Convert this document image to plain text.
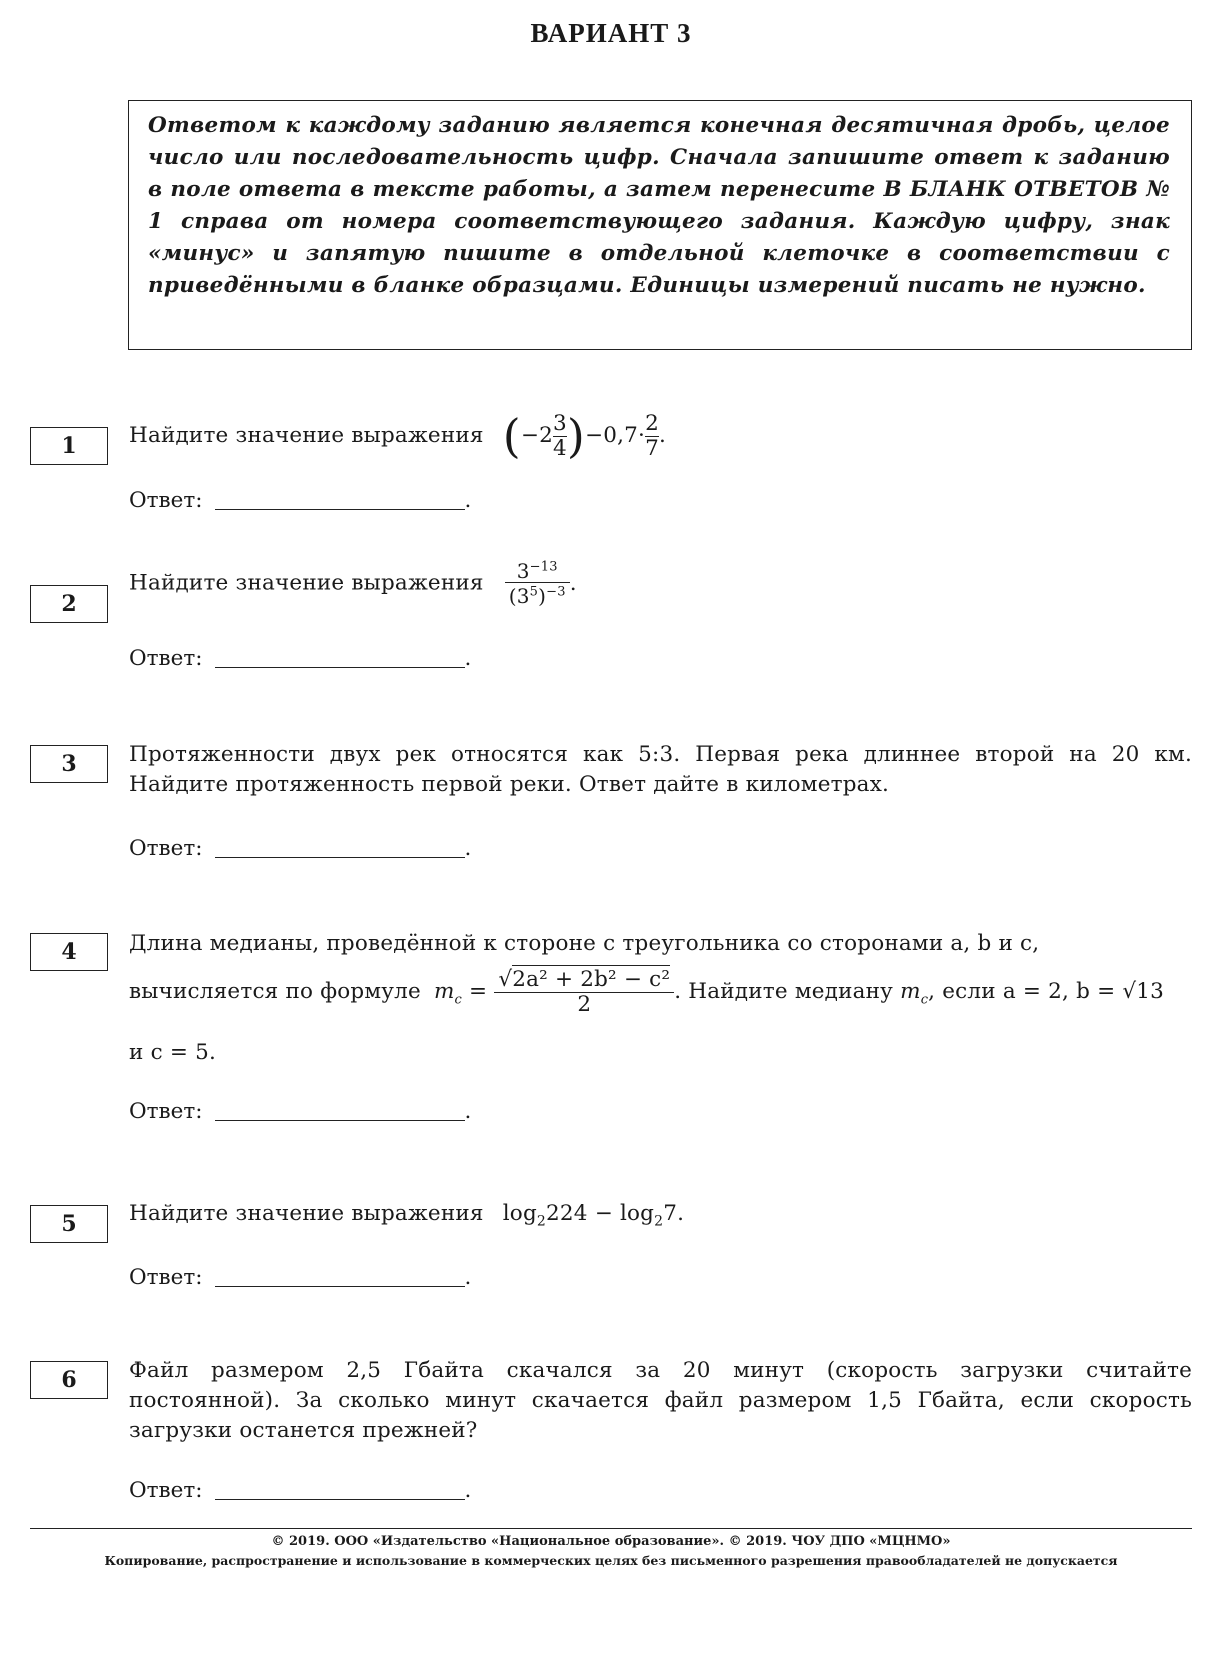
ВАРИАНТ 3
Ответом к каждому заданию является конечная десятичная дробь, целое число или последовательность цифр. Сначала запишите ответ к заданию в поле ответа в тексте работы, а затем перенесите В БЛАНК ОТВЕТОВ № 1 справа от номера соответствующего задания. Каждую цифру, знак «минус» и запятую пишите в отдельной клеточке в соответствии с приведёнными в бланке образцами. Единицы измерений писать не нужно.
1	Найдите значение выражения $(-2 \frac{3}{4} )-0,7\cdot \frac{2}{7}$ .
Ответ:	.
2
Найдите значение выражения $\frac{3^{-13}}{(3^5)^{-3}}$ .
Ответ:	.
3	Протяженности двух рек относятся как 5:3. Первая река длиннее второй на 20 км. Найдите протяженность первой реки. Ответ дайте в километрах.
Ответ:	.
4	Длина медианы, проведённой к стороне c треугольника со сторонами a, b и c,
вычисляется по формуле $m_c = \frac{\text{√2a² + 2b² − c²}}{2}$ . Найдите медиану $m_c$, если a = 2, b = √13
и c = 5.
Ответ:	.
5	Найдите значение выражения $\log_2224 - \log_27$.
Ответ:	.
6	Файл размером 2,5 Гбайта скачался за 20 минут (скорость загрузки считайте постоянной). За сколько минут скачается файл размером 1,5 Гбайта, если скорость загрузки останется прежней?
Ответ:	.
© 2019. ООО «Издательство «Национальное образование». © 2019. ЧОУ ДПО «МЦНМО»
Копирование, распространение и использование в коммерческих целях без письменного разрешения правообладателей не допускается
